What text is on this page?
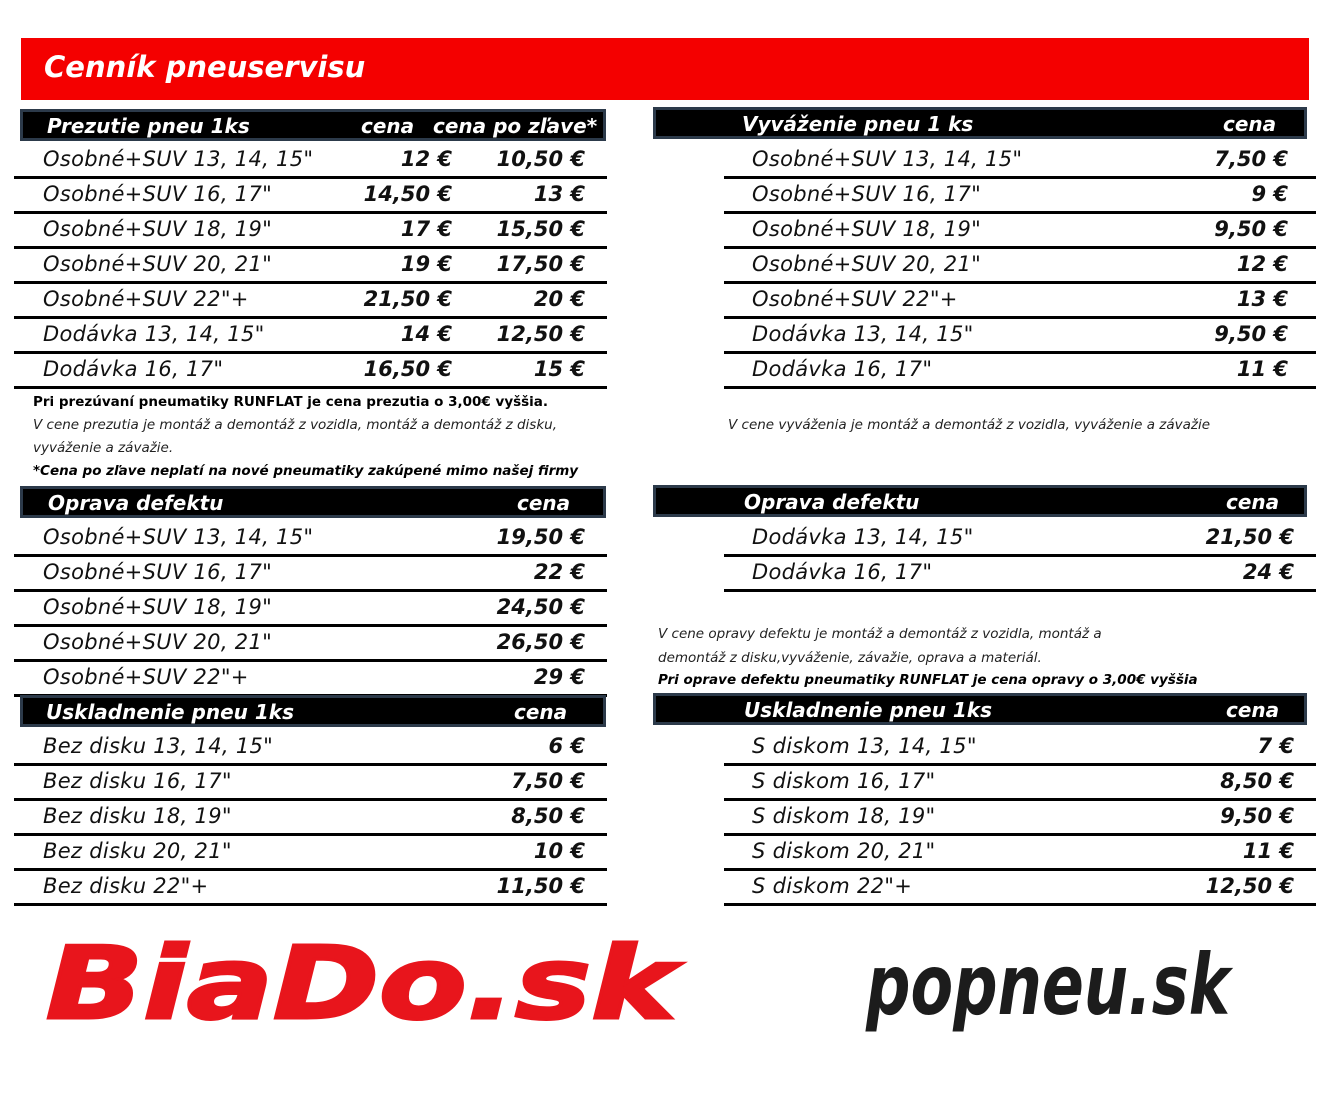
Cenník pneuservisu
Prezutie pneu 1ks	cena cena po zľave*
Osobné+SUV 13, 14, 15"	12 € 10,50 €
Osobné+SUV 16, 17"	14,50 €	13 €
Osobné+SUV 18, 19"	17 € 15,50 €
Osobné+SUV 20, 21"	19 € 17,50 €
Osobné+SUV 22"+	21,50 €	20 €
Dodávka 13, 14, 15"	14 € 12,50 €
Dodávka 16, 17"	16,50 €	15 €
Pri prezúvaní pneumatiky RUNFLAT je cena prezutia o 3,00€ vyššia.
V cene prezutia je montáž a demontáž z vozidla, montáž a demontáž z disku,
vyváženie a závažie.
*Cena po zľave neplatí na nové pneumatiky zakúpené mimo našej firmy
Vyváženie pneu 1 ks	cena
Osobné+SUV 13, 14, 15"	7,50 €
Osobné+SUV 16, 17"	9 €
Osobné+SUV 18, 19"	9,50 €
Osobné+SUV 20, 21"	12 €
Osobné+SUV 22"+	13 €
Dodávka 13, 14, 15"	9,50 €
Dodávka 16, 17"	11 €
V cene vyváženia je montáž a demontáž z vozidla, vyváženie a závažie
Oprava defektu	cena
Osobné+SUV 13, 14, 15"	19,50 €
Osobné+SUV 16, 17"	22 €
Osobné+SUV 18, 19"	24,50 €
Osobné+SUV 20, 21"	26,50 €
Osobné+SUV 22"+	29 €
Oprava defektu	cena
Dodávka 13, 14, 15"	21,50 €
Dodávka 16, 17"	24 €
V cene opravy defektu je montáž a demontáž z vozidla, montáž a
demontáž z disku,vyváženie, závažie, oprava a materiál.
Pri oprave defektu pneumatiky RUNFLAT je cena opravy o 3,00€ vyššia
Uskladnenie pneu 1ks	cena
Bez disku 13, 14, 15"	6 €
Bez disku 16, 17"	7,50 €
Bez disku 18, 19"	8,50 €
Bez disku 20, 21"	10 €
Bez disku 22"+	11,50 €
Uskladnenie pneu 1ks	cena
S diskom 13, 14, 15"	7 €
S diskom 16, 17"	8,50 €
S diskom 18, 19"	9,50 €
S diskom 20, 21"	11 €
S diskom 22"+	12,50 €
BiaDo.sk popneu.sk
